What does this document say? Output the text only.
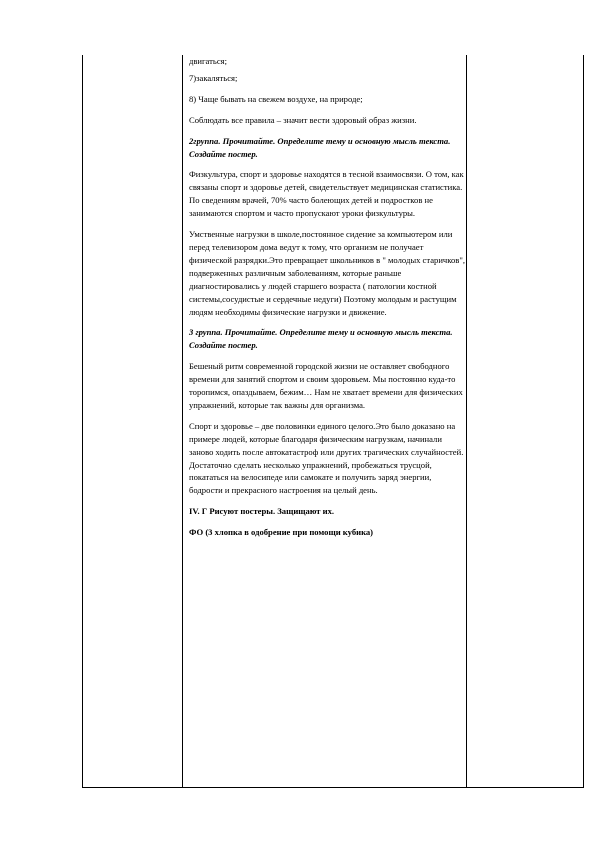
двигаться;

7)закаляться;

8) Чаще бывать на свежем воздухе, на природе;

Соблюдать все правила – значит вести здоровый образ жизни.

2группа. Прочитайте. Определите тему и основную мысль текста. Создайте постер.

Физкультура, спорт и здоровье находятся в тесной взаимосвязи. О том, как связаны спорт и здоровье детей, свидетельствует медицинская статистика. По сведениям врачей, 70% часто болеющих детей и подростков не занимаются спортом и часто пропускают уроки физкультуры.

Умственные нагрузки в школе,постоянное сидение за компьютером или перед телевизором дома ведут к тому, что организм не получает физической разрядки.Это превращает школьников в " молодых старичков", подверженных различным заболеваниям, которые раньше диагностировались у людей старшего возраста ( патологии костной системы,сосудистые и сердечные недуги) Поэтому молодым и растущим людям необходимы физические нагрузки и движение.

3 группа. Прочитайте. Определите тему и основную мысль текста. Создайте постер.

Бешеный ритм современной городской жизни не оставляет свободного времени для занятий спортом и своим здоровьем. Мы постоянно куда-то торопимся, опаздываем, бежим… Нам не хватает времени для физических упражнений, которые так важны для организма.

Спорт и здоровье – две половинки единого целого.Это было доказано на примере людей, которые благодаря физическим нагрузкам, начинали заново ходить после автокатастроф или других трагических случайностей. Достаточно сделать несколько упражнений, пробежаться трусцой, покататься на велосипеде или самокате и получить заряд энергии, бодрости и прекрасного настроения на целый день.

IV. Г Рисуют постеры. Защищают их.

ФО (3 хлопка в одобрение при помощи кубика)
